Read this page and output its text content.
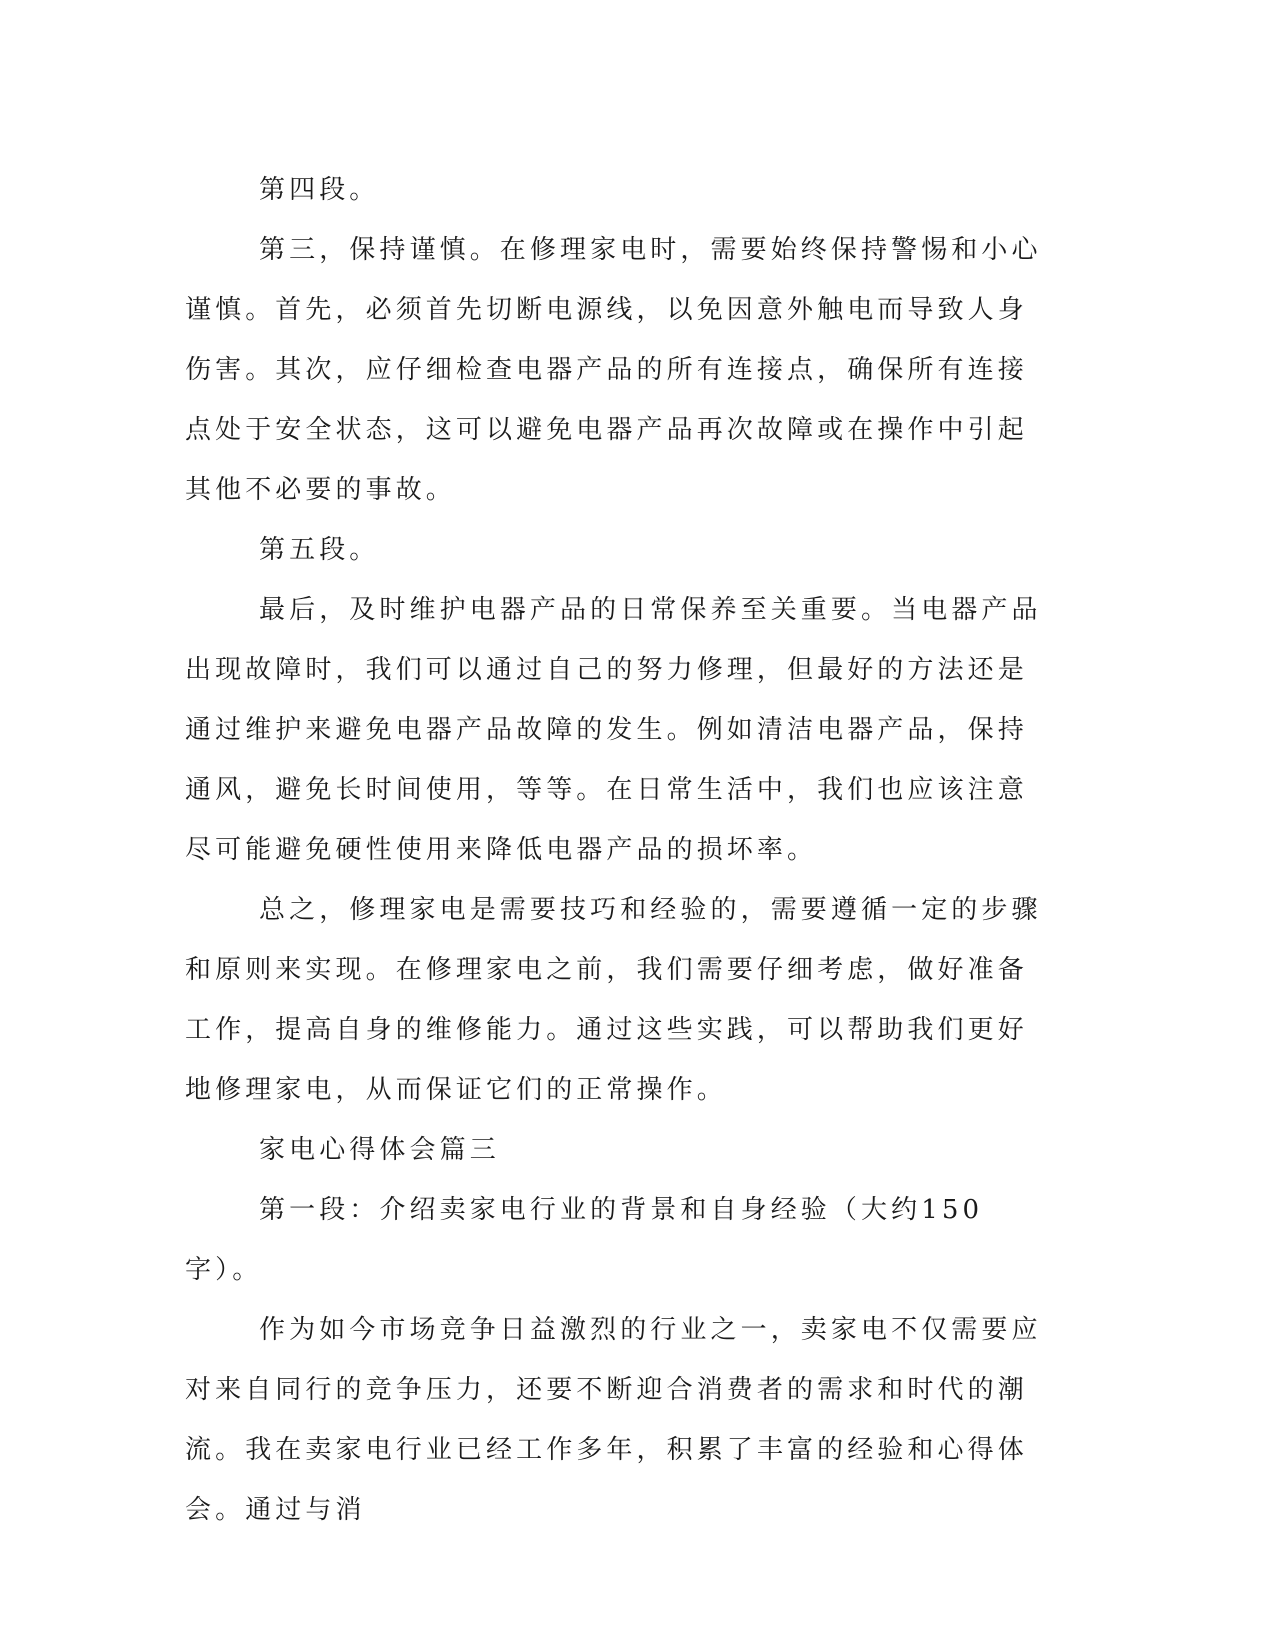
第四段。

第三，保持谨慎。在修理家电时，需要始终保持警惕和小心谨慎。首先，必须首先切断电源线，以免因意外触电而导致人身伤害。其次，应仔细检查电器产品的所有连接点，确保所有连接点处于安全状态，这可以避免电器产品再次故障或在操作中引起其他不必要的事故。

第五段。

最后，及时维护电器产品的日常保养至关重要。当电器产品出现故障时，我们可以通过自己的努力修理，但最好的方法还是通过维护来避免电器产品故障的发生。例如清洁电器产品，保持通风，避免长时间使用，等等。在日常生活中，我们也应该注意尽可能避免硬性使用来降低电器产品的损坏率。

总之，修理家电是需要技巧和经验的，需要遵循一定的步骤和原则来实现。在修理家电之前，我们需要仔细考虑，做好准备工作，提高自身的维修能力。通过这些实践，可以帮助我们更好地修理家电，从而保证它们的正常操作。

家电心得体会篇三

第一段：介绍卖家电行业的背景和自身经验（大约150字）。

作为如今市场竞争日益激烈的行业之一，卖家电不仅需要应对来自同行的竞争压力，还要不断迎合消费者的需求和时代的潮流。我在卖家电行业已经工作多年，积累了丰富的经验和心得体会。通过与消
